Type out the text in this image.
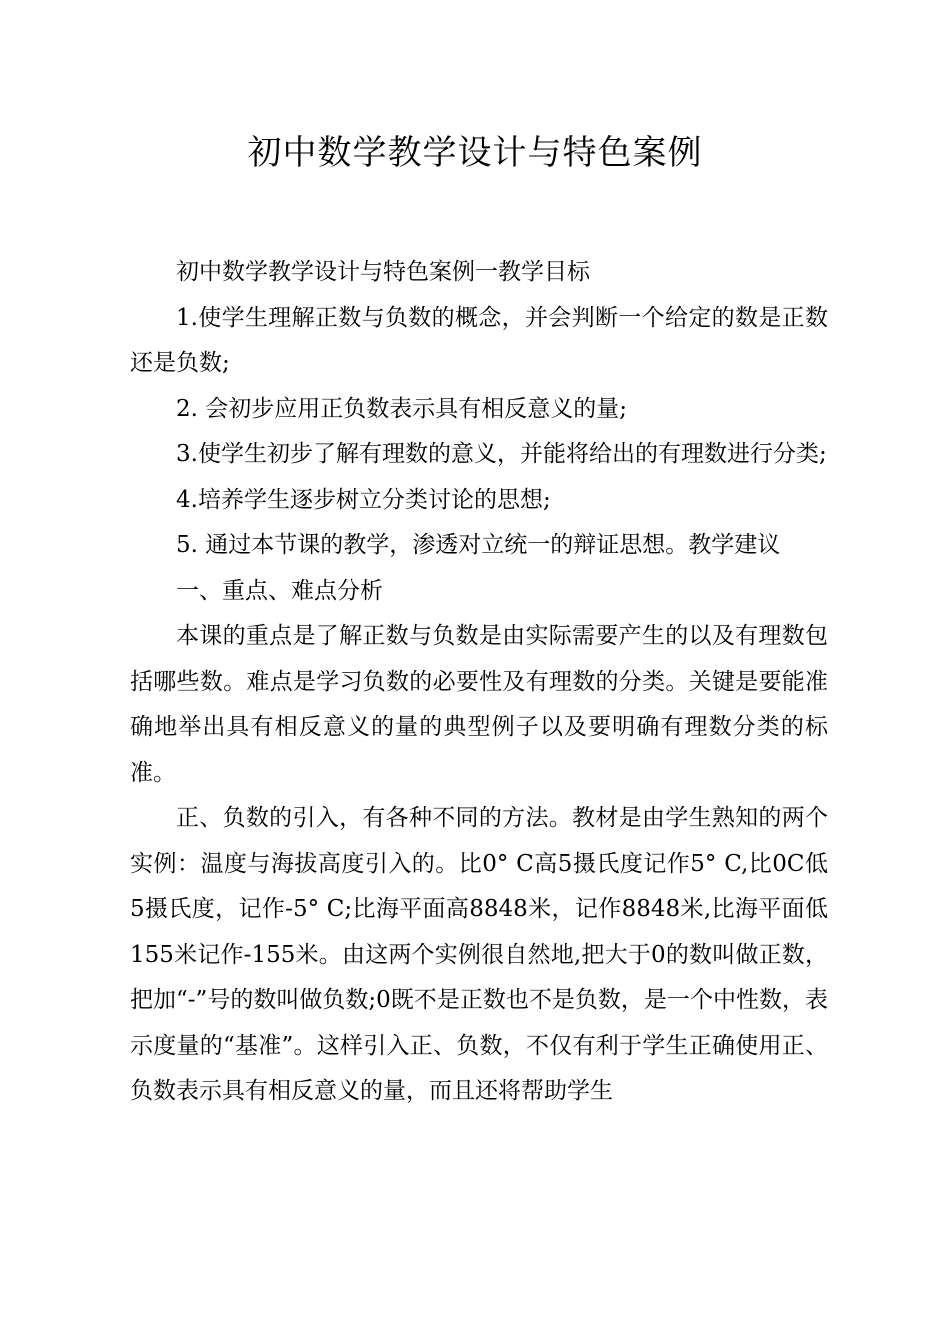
初中数学教学设计与特色案例

初中数学教学设计与特色案例一教学目标

1.使学生理解正数与负数的概念，并会判断一个给定的数是正数还是负数;

2. 会初步应用正负数表示具有相反意义的量;

3.使学生初步了解有理数的意义，并能将给出的有理数进行分类;

4.培养学生逐步树立分类讨论的思想;

5. 通过本节课的教学，渗透对立统一的辩证思想。教学建议

一、重点、难点分析

本课的重点是了解正数与负数是由实际需要产生的以及有理数包括哪些数。难点是学习负数的必要性及有理数的分类。关键是要能准确地举出具有相反意义的量的典型例子以及要明确有理数分类的标准。

正、负数的引入，有各种不同的方法。教材是由学生熟知的两个实例：温度与海拔高度引入的。比0° C高5摄氏度记作5° C,比0C低5摄氏度，记作-5° C;比海平面高8848米，记作8848米,比海平面低155米记作-155米。由这两个实例很自然地,把大于0的数叫做正数，把加“-”号的数叫做负数;0既不是正数也不是负数，是一个中性数，表示度量的“基准”。这样引入正、负数，不仅有利于学生正确使用正、负数表示具有相反意义的量，而且还将帮助学生
